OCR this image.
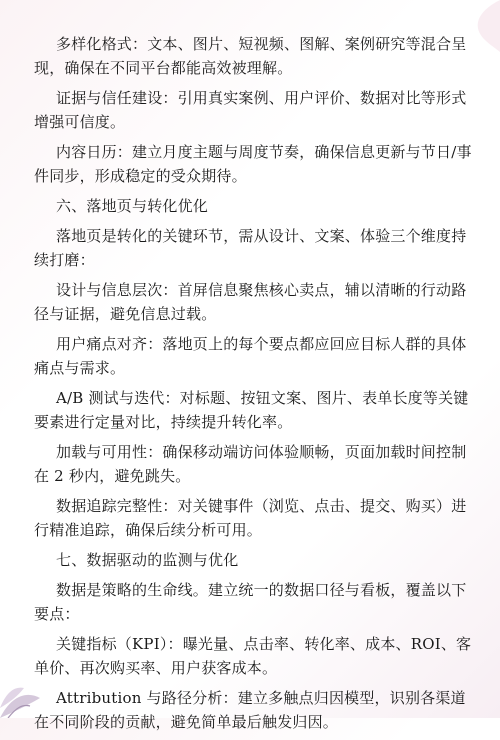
多样化格式：文本、图片、短视频、图解、案例研究等混合呈现，确保在不同平台都能高效被理解。

证据与信任建设：引用真实案例、用户评价、数据对比等形式增强可信度。

内容日历：建立月度主题与周度节奏，确保信息更新与节日/事件同步，形成稳定的受众期待。

六、落地页与转化优化

落地页是转化的关键环节，需从设计、文案、体验三个维度持续打磨：

设计与信息层次：首屏信息聚焦核心卖点，辅以清晰的行动路径与证据，避免信息过载。

用户痛点对齐：落地页上的每个要点都应回应目标人群的具体痛点与需求。

A/B 测试与迭代：对标题、按钮文案、图片、表单长度等关键要素进行定量对比，持续提升转化率。

加载与可用性：确保移动端访问体验顺畅，页面加载时间控制在 2 秒内，避免跳失。

数据追踪完整性：对关键事件（浏览、点击、提交、购买）进行精准追踪，确保后续分析可用。

七、数据驱动的监测与优化

数据是策略的生命线。建立统一的数据口径与看板，覆盖以下要点：

关键指标（KPI）：曝光量、点击率、转化率、成本、ROI、客单价、再次购买率、用户获客成本。

Attribution 与路径分析：建立多触点归因模型，识别各渠道在不同阶段的贡献，避免简单最后触发归因。
